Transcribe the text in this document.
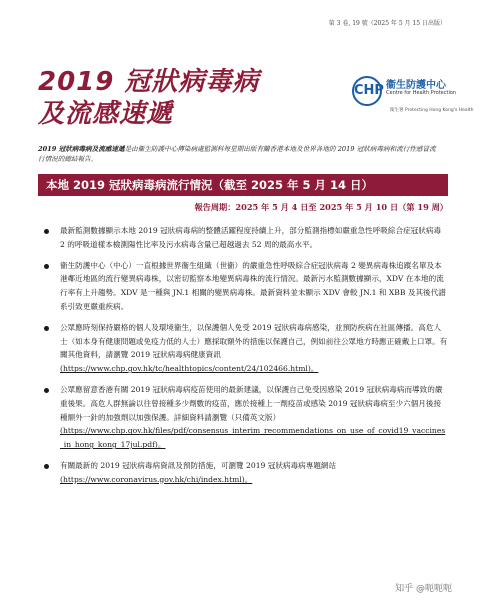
第 3 卷, 19 號（2025 年 5 月 15 日出版）
2019 冠狀病毒病
及流感速遞
CHP 衞生防護中心
Centre for Health Protection
衞生署 Protecting Hong Kong's Health
2019 冠狀病毒病及流感速遞是由衞生防護中心傳染病處監測科每星期出版有關香港本地及世界各地的 2019 冠狀病毒病和流行性感冒流行情況的總結報告。
本地 2019 冠狀病毒病流行情況（截至 2025 年 5 月 14 日）
報告周期：2025 年 5 月 4 日至 2025 年 5 月 10 日（第 19 周）
最新監測數據顯示本地 2019 冠狀病毒病的整體活躍程度持續上升，部分監測指標如嚴重急性呼吸綜合症冠狀病毒 2 的呼吸道樣本檢測陽性比率及污水病毒含量已超越過去 52 周的最高水平。
衞生防護中心（中心）一直根據世界衞生組織（世衞）的嚴重急性呼吸綜合症冠狀病毒 2 變異病毒株追蹤名單及本港鄰近地區的流行變異病毒株，以密切監察本地變異病毒株的流行情況。最新污水監測數據顯示，XDV 在本地的流行率有上升趨勢。XDV 是一種與 JN.1 相關的變異病毒株。最新資料並未顯示 XDV 會較 JN.1 和 XBB 及其後代譜系引致更嚴重疾病。
公眾應時刻保持嚴格的個人及環境衞生，以保護個人免受 2019 冠狀病毒病感染，並預防疾病在社區傳播。高危人士（如本身有健康問題或免疫力低的人士）應採取額外的措施以保護自己，例如前往公眾地方時應正確戴上口罩。有關其他資料，請瀏覽 2019 冠狀病毒病健康資訊
(https://www.chp.gov.hk/tc/healthtopics/content/24/102466.html)。
公眾應留意香港有關 2019 冠狀病毒病疫苗使用的最新建議，以保護自己免受因感染 2019 冠狀病毒病而導致的嚴重後果。高危人群無論以往曾接種多少劑數的疫苗，應於接種上一劑疫苗或感染 2019 冠狀病毒病至少六個月後接種額外一針的加強劑以加強保護。詳細資料請瀏覽（只備英文版）
(https://www.chp.gov.hk/files/pdf/consensus_interim_recommendations_on_use_of_covid19_vaccines_in_hong_kong_17jul.pdf)。
有關最新的 2019 冠狀病毒病資訊及預防措施，可瀏覽 2019 冠狀病毒病專題網站
(https://www.coronavirus.gov.hk/chi/index.html)。
知乎 @呃呃呃
